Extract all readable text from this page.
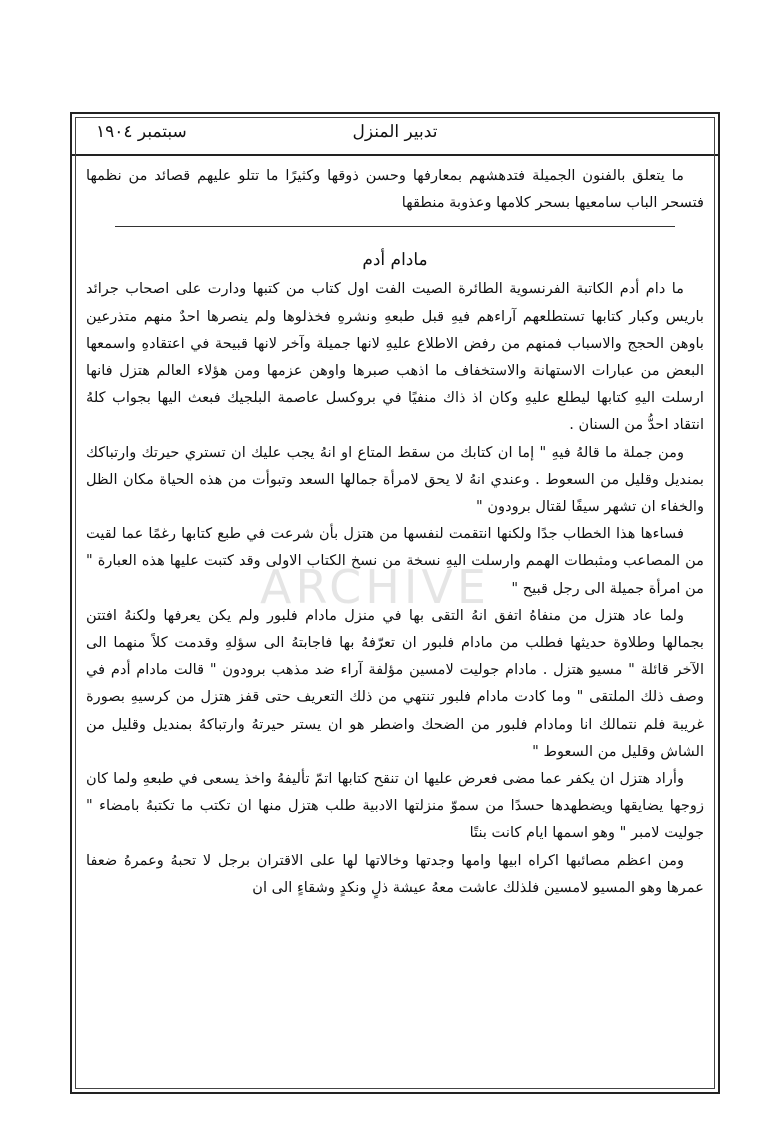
سبتمبر ١٩٠٤	تدبير المنزل

ما يتعلق بالفنون الجميلة فتدهشهم بمعارفها وحسن ذوقها وكثيرًا ما تتلو عليهم قصائد من نظمها فتسحر الباب سامعيها بسحر كلامها وعذوبة منطقها

مادام أدم

ما دام أدم الكاتبة الفرنسوية الطائرة الصيت الفت اول كتاب من كتبها ودارت على اصحاب جرائد باريس وكبار كتابها تستطلعهم آراءهم فيهِ قبل طبعهِ ونشرهِ فخذلوها ولم ينصرها احدٌ منهم متذرعين باوهن الحجج والاسباب فمنهم من رفض الاطلاع عليهِ لانها جميلة وآخر لانها قبيحة في اعتقادهِ واسمعها البعض من عبارات الاستهانة والاستخفاف ما اذهب صبرها واوهن عزمها ومن هؤلاء العالم هتزل فانها ارسلت اليهِ كتابها ليطلع عليهِ وكان اذ ذاك منفيًا في بروكسل عاصمة البلجيك فبعث اليها بجواب كلهُ انتقاد احدُّ من السنان .

ومن جملة ما قالهُ فيهِ " إما ان كتابك من سقط المتاع او انهُ يجب عليك ان تستري حيرتك وارتباكك بمنديل وقليل من السعوط . وعندي انهُ لا يحق لامرأة جمالها السعد وتبوأت من هذه الحياة مكان الظل والخفاء ان تشهر سيفًا لقتال برودون "

فساءها هذا الخطاب جدًا ولكنها انتقمت لنفسها من هتزل بأن شرعت في طبع كتابها رغمًا عما لقيت من المصاعب ومثبطات الهمم وارسلت اليهِ نسخة من نسخ الكتاب الاولى وقد كتبت عليها هذه العبارة " من امرأة جميلة الى رجل قبيح "

ولما عاد هتزل من منفاهُ اتفق انهُ التقى بها في منزل مادام فلبور ولم يكن يعرفها ولكنهُ افتتن بجمالها وطلاوة حديثها فطلب من مادام فلبور ان تعرّفهُ بها فاجابتهُ الى سؤلهِ وقدمت كلاً منهما الى الآخر قائلة " مسيو هتزل . مادام جوليت لامسين مؤلفة آراء ضد مذهب برودون " قالت مادام أدم في وصف ذلك الملتقى " وما كادت مادام فلبور تنتهي من ذلك التعريف حتى قفز هتزل من كرسيهِ بصورة غريبة فلم نتمالك انا ومادام فلبور من الضحك واضطر هو ان يستر حيرتهُ وارتباكهُ بمنديل وقليل من الشاش وقليل من السعوط "

وأراد هتزل ان يكفر عما مضى فعرض عليها ان تنقح كتابها اتمّ تأليفهُ واخذ يسعى في طبعهِ ولما كان زوجها يضايقها ويضطهدها حسدًا من سموّ منزلتها الادبية طلب هتزل منها ان تكتب ما تكتبهُ بامضاء " جوليت لامبر " وهو اسمها ايام كانت بنتًا

ومن اعظم مصائبها اكراه ابيها وامها وجدتها وخالاتها لها على الاقتران برجل لا تحبهُ وعمرهُ ضعفا عمرها وهو المسيو لامسين فلذلك عاشت معهُ عيشة ذلٍ ونكدٍ وشقاءٍ الى ان

ARCHIVE
